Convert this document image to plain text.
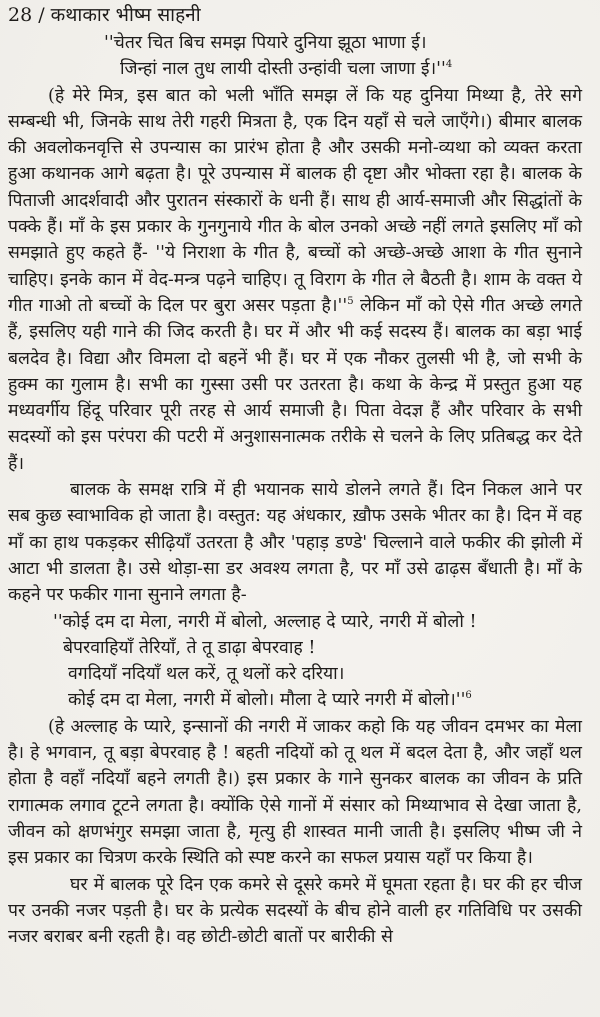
28 / कथाकार भीष्म साहनी
''चेतर चित बिच समझ पियारे दुनिया झूठा भाणा ई।
जिन्हां नाल तुध लायी दोस्ती उन्हांवी चला जाणा $ई।''^4$

(हे मेरे मित्र, इस बात को भली भाँति समझ लें कि यह दुनिया मिथ्या है, तेरे सगे सम्बन्धी भी, जिनके साथ तेरी गहरी मित्रता है, एक दिन यहाँ से चले जाएँगे।) बीमार बालक की अवलोकनवृत्ति से उपन्यास का प्रारंभ होता है और उसकी मनो-व्यथा को व्यक्त करता हुआ कथानक आगे बढ़ता है। पूरे उपन्यास में बालक ही दृष्टा और भोक्ता रहा है। बालक के पिताजी आदर्शवादी और पुरातन संस्कारों के धनी हैं। साथ ही आर्य-समाजी और सिद्धांतों के पक्के हैं। माँ के इस प्रकार के गुनगुनाये गीत के बोल उनको अच्छे नहीं लगते इसलिए माँ को समझाते हुए कहते हैं- ''ये निराशा के गीत है, बच्चों को अच्छे-अच्छे आशा के गीत सुनाने चाहिए। इनके कान में वेद-मन्त्र पढ़ने चाहिए। तू विराग के गीत ले बैठती है। शाम के वक्त ये गीत गाओ तो बच्चों के दिल पर बुरा असर पड़ता $है।''^5$ लेकिन माँ को ऐसे गीत अच्छे लगते हैं, इसलिए यही गाने की जिद करती है। घर में और भी कई सदस्य हैं। बालक का बड़ा भाई बलदेव है। विद्या और विमला दो बहनें भी हैं। घर में एक नौकर तुलसी भी है, जो सभी के हुक्म का गुलाम है। सभी का गुस्सा उसी पर उतरता है। कथा के केन्द्र में प्रस्तुत हुआ यह मध्यवर्गीय हिंदू परिवार पूरी तरह से आर्य समाजी है। पिता वेदज्ञ हैं और परिवार के सभी सदस्यों को इस परंपरा की पटरी में अनुशासनात्मक तरीके से चलने के लिए प्रतिबद्ध कर देते हैं।

बालक के समक्ष रात्रि में ही भयानक साये डोलने लगते हैं। दिन निकल आने पर सब कुछ स्वाभाविक हो जाता है। वस्तुत: यह अंधकार, ख़ौफ उसके भीतर का है। दिन में वह माँ का हाथ पकड़कर सीढ़ियाँ उतरता है और 'पहाड़ डण्डे' चिल्लाने वाले फकीर की झोली में आटा भी डालता है। उसे थोड़ा-सा डर अवश्य लगता है, पर माँ उसे ढाढ़स बँधाती है। माँ के कहने पर फकीर गाना सुनाने लगता है-

''कोई दम दा मेला, नगरी में बोलो, अल्लाह दे प्यारे, नगरी में बोलो !
बेपरवाहियाँ तेरियाँ, ते तू डाढ़ा बेपरवाह !
वगदियाँ नदियाँ थल करें, तू थलों करे दरिया।
कोई दम दा मेला, नगरी में बोलो। मौला दे प्यारे नगरी में $बोलो।''^6$

(हे अल्लाह के प्यारे, इन्सानों की नगरी में जाकर कहो कि यह जीवन दमभर का मेला है। हे भगवान, तू बड़ा बेपरवाह है ! बहती नदियों को तू थल में बदल देता है, और जहाँ थल होता है वहाँ नदियाँ बहने लगती है।) इस प्रकार के गाने सुनकर बालक का जीवन के प्रति रागात्मक लगाव टूटने लगता है। क्योंकि ऐसे गानों में संसार को मिथ्याभाव से देखा जाता है, जीवन को क्षणभंगुर समझा जाता है, मृत्यु ही शास्वत मानी जाती है। इसलिए भीष्म जी ने इस प्रकार का चित्रण करके स्थिति को स्पष्ट करने का सफल प्रयास यहाँ पर किया है।

घर में बालक पूरे दिन एक कमरे से दूसरे कमरे में घूमता रहता है। घर की हर चीज पर उनकी नजर पड़ती है। घर के प्रत्येक सदस्यों के बीच होने वाली हर गतिविधि पर उसकी नजर बराबर बनी रहती है। वह छोटी-छोटी बातों पर बारीकी से
